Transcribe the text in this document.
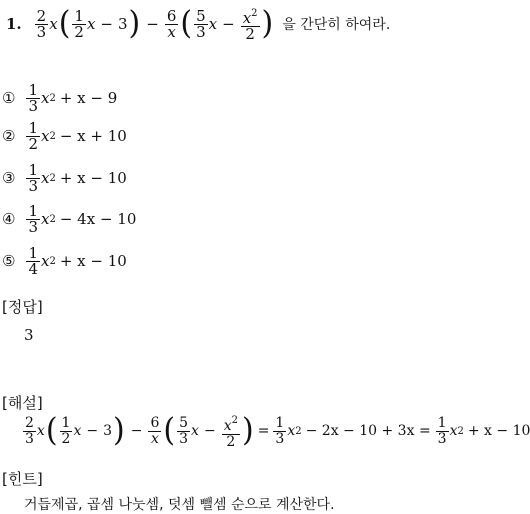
1. $\frac{2}{3}$ x ( $\frac{1}{2}$ x − 3 ) − $\frac{6}{x}$ ( $\frac{5}{3}$ $x - \frac{x^2}{2}$ ) 을 간단히 하여라.
① $\frac{1}{3}$ x 2 + x − 9
② $\frac{1}{2}$ x 2 − x + 10
③ $\frac{1}{3}$ x 2 + x − 10
④ $\frac{1}{3}$ x 2 − 4x − 10
⑤ $\frac{1}{4}$ x 2 + x − 10
[정답]
3
[해설]
$\frac{2}{3}$ x ( $\frac{1}{2}$ x − 3 ) − $\frac{6}{x}$ ( $\frac{5}{3}$ $x - \frac{x^2}{2}$ ) = $\frac{1}{3}$ x $2 - 2x - 10 + 3x = \frac{1}{3}$ x 2 + x − 10
[힌트]
거듭제곱, 곱셈 나눗셈, 덧셈 뺄셈 순으로 계산한다.
